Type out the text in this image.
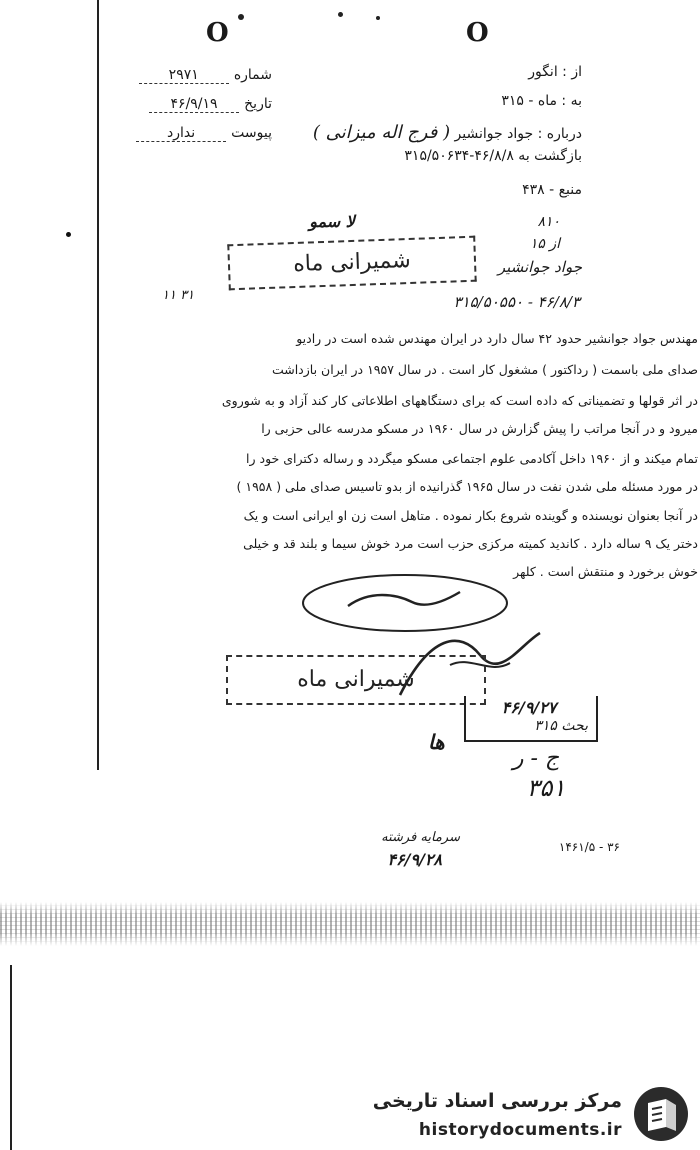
O	O
شماره ۲۹۷۱
تاریخ ۴۶/۹/۱۹
پیوست ندارد
از : انگور
به : ماه - ۳۱۵
درباره : جواد جوانشیر ( فرج اله میزانی )
بازگشت به ۴۶/۸/۸-۳۱۵/۵۰۶۳۴
منبع - ۴۳۸
لا سمو	۸۱۰
از ۱۵
جواد جوانشیر
شمیرانی ماه
۱۱ ۳۱	۳۱۵/۵۰۵۵۰ - ۴۶/۸/۳
مهندس جواد جوانشیر حدود ۴۲ سال دارد در ایران مهندس شده است در رادیو
صدای ملی باسمت ( رداکتور ) مشغول کار است . در سال ۱۹۵۷ در ایران بازداشت
در اثر قولها و تضمیناتی که داده است که برای دستگاههای اطلاعاتی کار کند آزاد و به شوروی
میرود و در آنجا مراتب را پیش گزارش در سال ۱۹۶۰ در مسکو مدرسه عالی حزبی را
تمام میکند و از ۱۹۶۰ داخل آکادمی علوم اجتماعی مسکو میگردد و رساله دکترای خود را
در مورد مسئله ملی شدن نفت در سال ۱۹۶۵ گذرانیده از بدو تاسیس صدای ملی ( ۱۹۵۸ )
در آنجا بعنوان نویسنده و گوینده شروع بکار نموده . متاهل است زن او ایرانی است و یک
دختر یک ۹ ساله دارد . کاندید کمیته مرکزی حزب است مرد خوش سیما و بلند قد و خیلی
خوش برخورد و منتقش است . کلهر
شمیرانی ماه
۴۶/۹/۲۷
بحث ۳۱۵
ها
ج - ر
۳۵۱
سرمایه فرشته
۴۶/۹/۲۸
۱۴۶۱/۵ - ۳۶
مرکز بررسی اسناد تاریخی
historydocuments.ir
